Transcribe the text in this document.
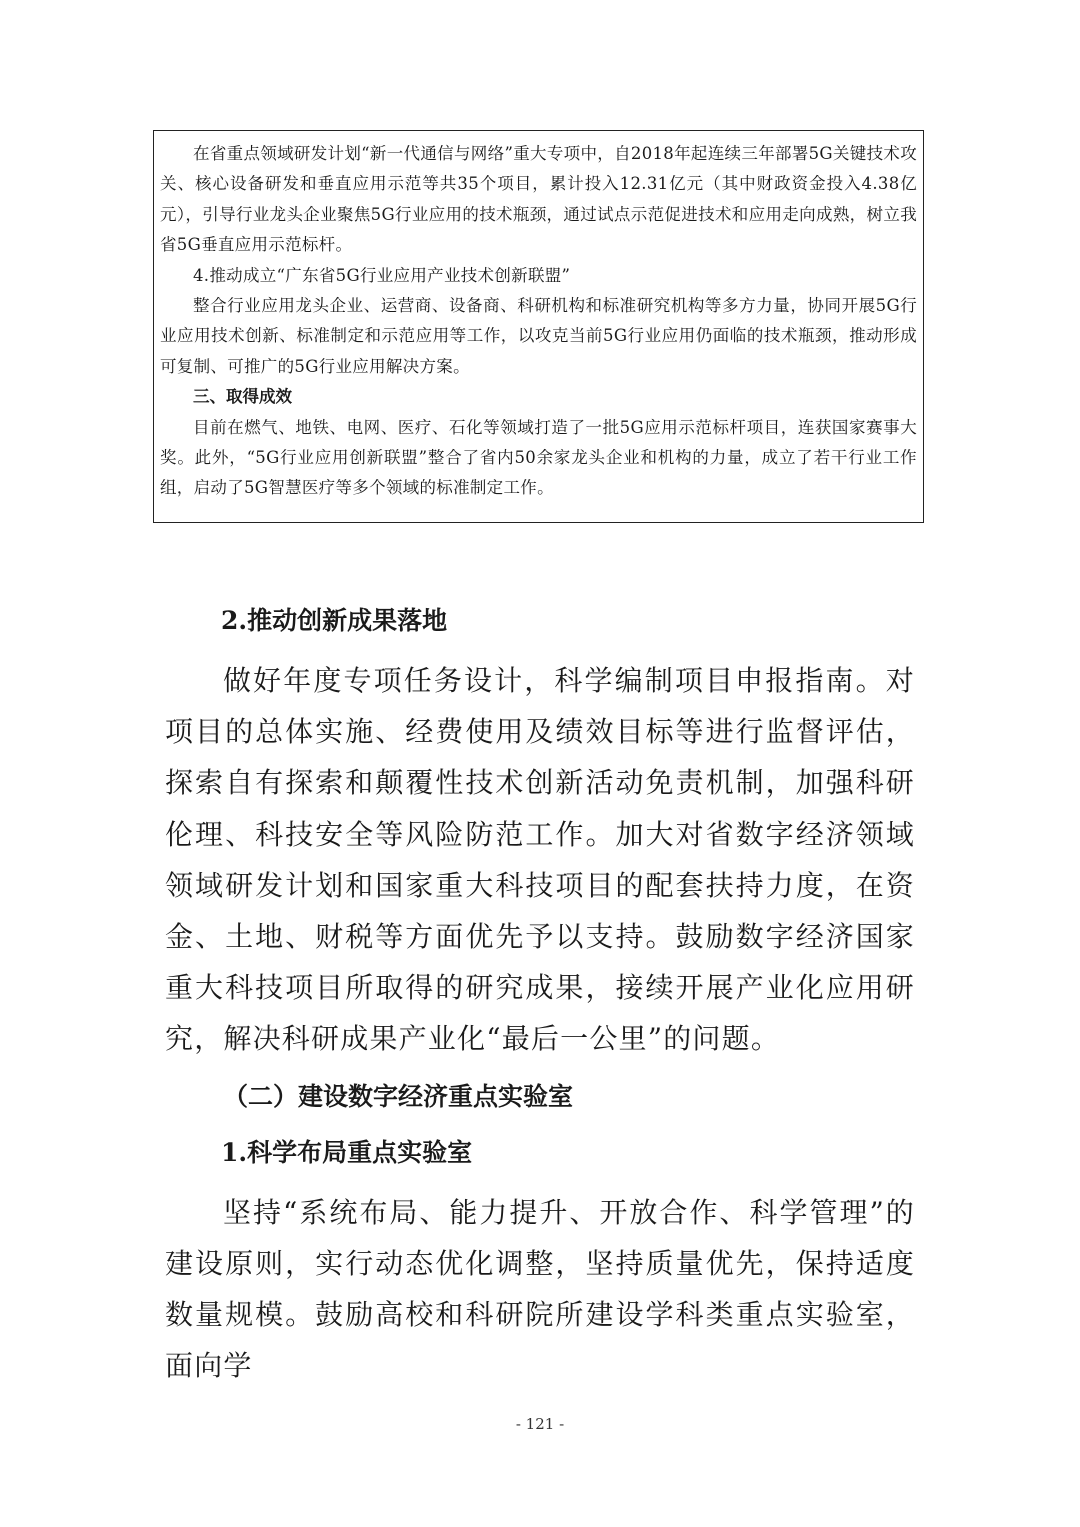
在省重点领域研发计划“新一代通信与网络”重大专项中，自2018年起连续三年部署5G关键技术攻关、核心设备研发和垂直应用示范等共35个项目，累计投入12.31亿元（其中财政资金投入4.38亿元），引导行业龙头企业聚焦5G行业应用的技术瓶颈，通过试点示范促进技术和应用走向成熟，树立我省5G垂直应用示范标杆。

4.推动成立“广东省5G行业应用产业技术创新联盟”

整合行业应用龙头企业、运营商、设备商、科研机构和标准研究机构等多方力量，协同开展5G行业应用技术创新、标准制定和示范应用等工作，以攻克当前5G行业应用仍面临的技术瓶颈，推动形成可复制、可推广的5G行业应用解决方案。

三、取得成效

目前在燃气、地铁、电网、医疗、石化等领域打造了一批5G应用示范标杆项目，连获国家赛事大奖。此外，“5G行业应用创新联盟”整合了省内50余家龙头企业和机构的力量，成立了若干行业工作组，启动了5G智慧医疗等多个领域的标准制定工作。

2.推动创新成果落地

做好年度专项任务设计，科学编制项目申报指南。对项目的总体实施、经费使用及绩效目标等进行监督评估，探索自有探索和颠覆性技术创新活动免责机制，加强科研伦理、科技安全等风险防范工作。加大对省数字经济领域领域研发计划和国家重大科技项目的配套扶持力度，在资金、土地、财税等方面优先予以支持。鼓励数字经济国家重大科技项目所取得的研究成果，接续开展产业化应用研究，解决科研成果产业化“最后一公里”的问题。

（二）建设数字经济重点实验室
1.科学布局重点实验室

坚持“系统布局、能力提升、开放合作、科学管理”的建设原则，实行动态优化调整，坚持质量优先，保持适度数量规模。鼓励高校和科研院所建设学科类重点实验室，面向学

- 121 -
